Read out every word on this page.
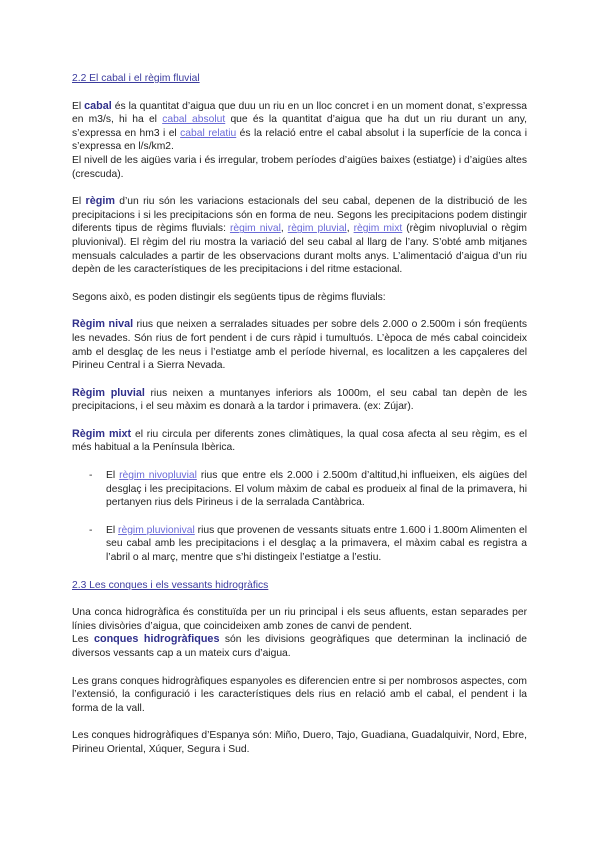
2.2 El cabal i el règim fluvial

El cabal és la quantitat d’aigua que duu un riu en un lloc concret i en un moment donat, s’expressa en m3/s, hi ha el cabal absolut que és la quantitat d’aigua que ha dut un riu durant un any, s’expressa en hm3 i el cabal relatiu és la relació entre el cabal absolut i la superfície de la conca i s’expressa en l/s/km2.

El nivell de les aigües varia i és irregular, trobem períodes d’aigües baixes (estiatge) i d’aigües altes (crescuda).

El règim d’un riu són les variacions estacionals del seu cabal, depenen de la distribució de les precipitacions i si les precipitacions són en forma de neu. Segons les precipitacions podem distingir diferents tipus de règims fluvials: règim nival, règim pluvial, règim mixt (règim nivopluvial o règim pluvionival). El règim del riu mostra la variació del seu cabal al llarg de l’any. S’obté amb mitjanes mensuals calculades a partir de les observacions durant molts anys. L’alimentació d’aigua d’un riu depèn de les característiques de les precipitacions i del ritme estacional.

Segons això, es poden distingir els següents tipus de règims fluvials:

Règim nival rius que neixen a serralades situades per sobre dels 2.000 o 2.500m i són freqüents les nevades. Són rius de fort pendent i de curs ràpid i tumultuós. L’època de més cabal coincideix amb el desglaç de les neus i l’estiatge amb el període hivernal, es localitzen a les capçaleres del Pirineu Central i a Sierra Nevada.

Règim pluvial rius neixen a muntanyes inferiors als 1000m, el seu cabal tan depèn de les precipitacions, i el seu màxim es donarà a la tardor i primavera. (ex: Zújar).

Règim mixt el riu circula per diferents zones climàtiques, la qual cosa afecta al seu règim, es el més habitual a la Península Ibèrica.

- El règim nivopluvial rius que entre els 2.000 i 2.500m d’altitud,hi influeixen, els aigües del desglaç i les precipitacions. El volum màxim de cabal es produeix al final de la primavera, hi pertanyen rius dels Pirineus i de la serralada Cantàbrica.
- El règim pluvionival rius que provenen de vessants situats entre 1.600 i 1.800m Alimenten el seu cabal amb les precipitacions i el desglaç a la primavera, el màxim cabal es registra a l’abril o al març, mentre que s’hi distingeix l’estiatge a l’estiu.

2.3 Les conques i els vessants hidrogràfics

Una conca hidrogràfica és constituïda per un riu principal i els seus afluents, estan separades per línies divisòries d’aigua, que coincideixen amb zones de canvi de pendent.

Les conques hidrogràfiques són les divisions geogràfiques que determinan la inclinació de diversos vessants cap a un mateix curs d’aigua.

Les grans conques hidrogràfiques espanyoles es diferencien entre si per nombrosos aspectes, com l’extensió, la configuració i les característiques dels rius en relació amb el cabal, el pendent i la forma de la vall.

Les conques hidrogràfiques d’Espanya són: Miño, Duero, Tajo, Guadiana, Guadalquivir, Nord, Ebre, Pirineu Oriental, Xúquer, Segura i Sud.
